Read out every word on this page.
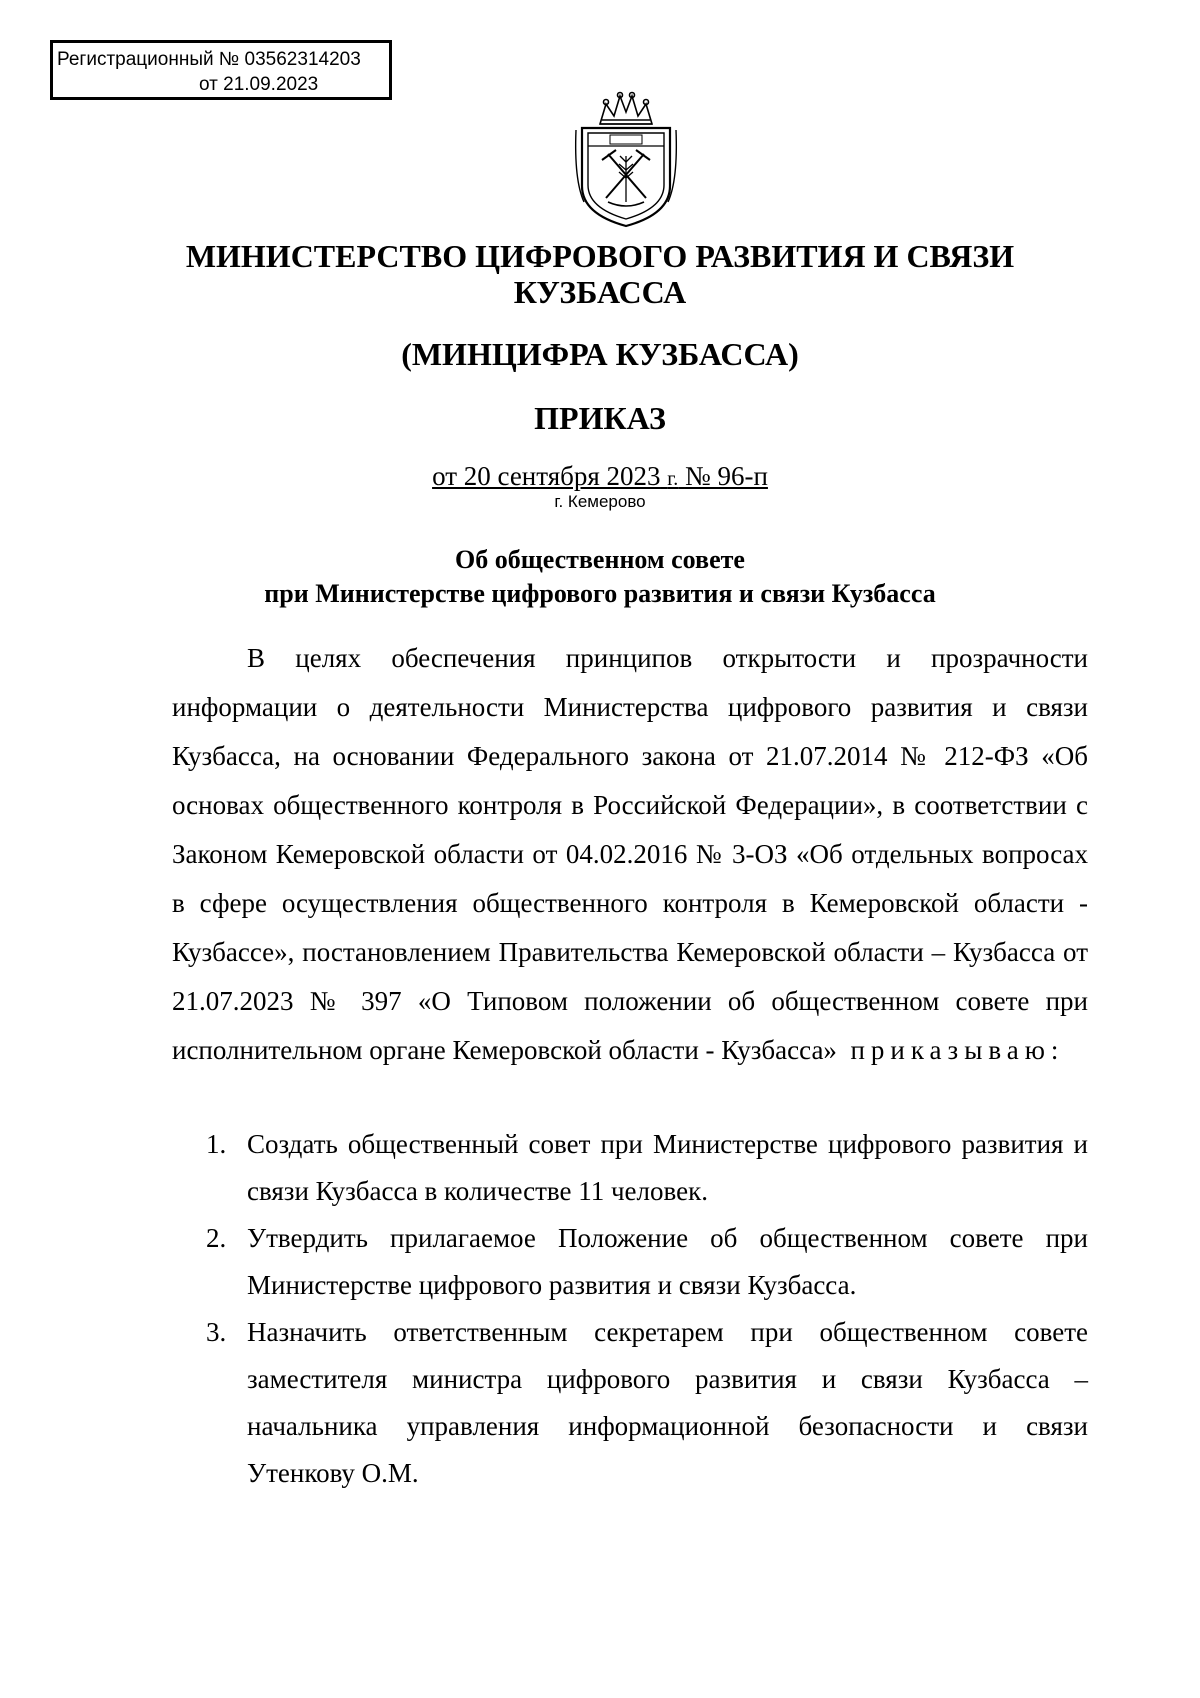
Регистрационный № 03562314203
от 21.09.2023
МИНИСТЕРСТВО ЦИФРОВОГО РАЗВИТИЯ И СВЯЗИ
КУЗБАССА
(МИНЦИФРА КУЗБАССА)
ПРИКАЗ
от 20 сентября 2023 г. № 96-п
г. Кемерово
Об общественном совете
при Министерстве цифрового развития и связи Кузбасса

В целях обеспечения принципов открытости и прозрачности информации о деятельности Министерства цифрового развития и связи Кузбасса, на основании Федерального закона от 21.07.2014 № 212-ФЗ «Об основах общественного контроля в Российской Федерации», в соответствии с Законом Кемеровской области от 04.02.2016 № 3-ОЗ «Об отдельных вопросах в сфере осуществления общественного контроля в Кемеровской области - Кузбассе», постановлением Правительства Кемеровской области – Кузбасса от 21.07.2023 № 397 «О Типовом положении об общественном совете при исполнительном органе Кемеровской области - Кузбасса» приказываю:

1. Создать общественный совет при Министерстве цифрового развития и связи Кузбасса в количестве 11 человек.
2. Утвердить прилагаемое Положение об общественном совете при Министерстве цифрового развития и связи Кузбасса.
3. Назначить ответственным секретарем при общественном совете заместителя министра цифрового развития и связи Кузбасса – начальника управления информационной безопасности и связи Утенкову О.М.
